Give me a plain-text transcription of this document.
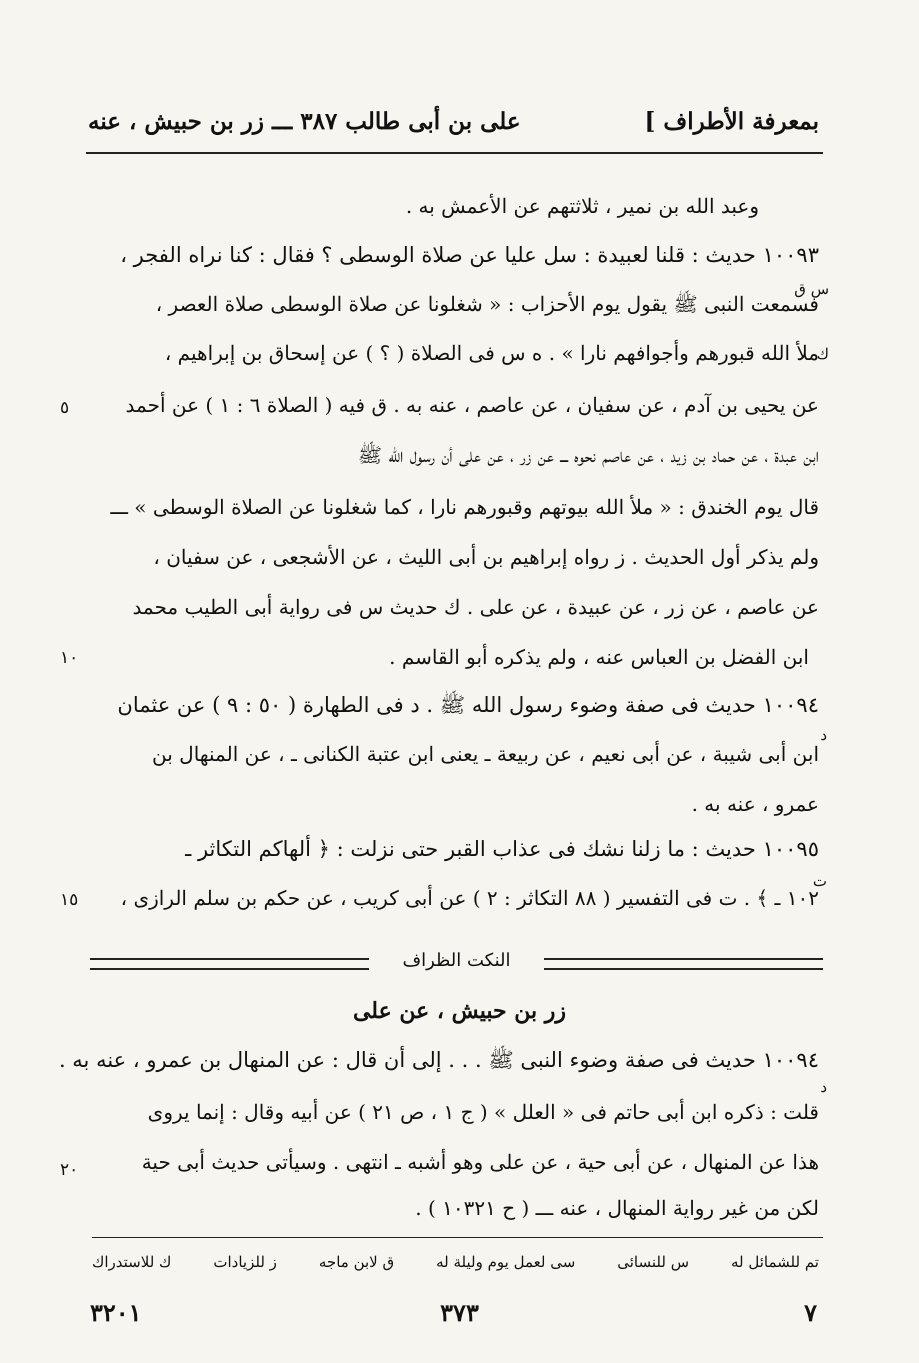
بمعرفة الأطراف ]
على بن أبى طالب ٣٨٧ ـــ زر بن حبيش ، عنه
وعبد الله بن نمير ، ثلاثتهم عن الأعمش به .
١٠٠٩٣ حديث : قلنا لعبيدة : سل عليا عن صلاة الوسطى ؟ فقال : كنا نراه الفجر ،
فسمعت النبى ﷺ يقول يوم الأحزاب : « شغلونا عن صلاة الوسطى صلاة العصر ،
ملأ الله قبورهم وأجوافهم نارا » . ه س فى الصلاة ( ؟ ) عن إسحاق بن إبراهيم ،
عن يحيى بن آدم ، عن سفيان ، عن عاصم ، عنه به . ق فيه ( الصلاة ٦ : ١ ) عن أحمد
ابن عبدة ، عن حماد بن زيد ، عن عاصم نحوه ـــ عن زر ، عن على أن رسول الله ﷺ
قال يوم الخندق : « ملأ الله بيوتهم وقبورهم نارا ، كما شغلونا عن الصلاة الوسطى » ـــ
ولم يذكر أول الحديث . ز رواه إبراهيم بن أبى الليث ، عن الأشجعى ، عن سفيان ،
عن عاصم ، عن زر ، عن عبيدة ، عن على . ك حديث س فى رواية أبى الطيب محمد
ابن الفضل بن العباس عنه ، ولم يذكره أبو القاسم .
١٠٠٩٤ حديث فى صفة وضوء رسول الله ﷺ . د فى الطهارة ( ٥٠ : ٩ ) عن عثمان
ابن أبى شيبة ، عن أبى نعيم ، عن ربيعة ـ يعنى ابن عتبة الكنانى ـ ، عن المنهال بن
عمرو ، عنه به .
١٠٠٩٥ حديث : ما زلنا نشك فى عذاب القبر حتى نزلت : ﴿ ألهاكم التكاثر ـ
١٠٢ ـ ﴾ . ت فى التفسير ( ٨٨ التكاثر : ٢ ) عن أبى كريب ، عن حكم بن سلم الرازى ،
س ق
ك
د
ت
د
٥
١٠
١٥
٢٠
النكت الظراف
زر بن حبيش ، عن على
١٠٠٩٤ حديث فى صفة وضوء النبى ﷺ . . . إلى أن قال : عن المنهال بن عمرو ، عنه به .
قلت : ذكره ابن أبى حاتم فى « العلل » ( ج ١ ، ص ٢١ ) عن أبيه وقال : إنما يروى
هذا عن المنهال ، عن أبى حية ، عن على وهو أشبه ـ انتهى . وسيأتى حديث أبى حية
لكن من غير رواية المنهال ، عنه ـــ ( ح ١٠٣٢١ ) .
تم للشمائل له
س للنسائى
سى لعمل يوم وليلة له
ق لابن ماجه
ز للزيادات
ك للاستدراك
٧
٣٧٣
٣٢٠١
